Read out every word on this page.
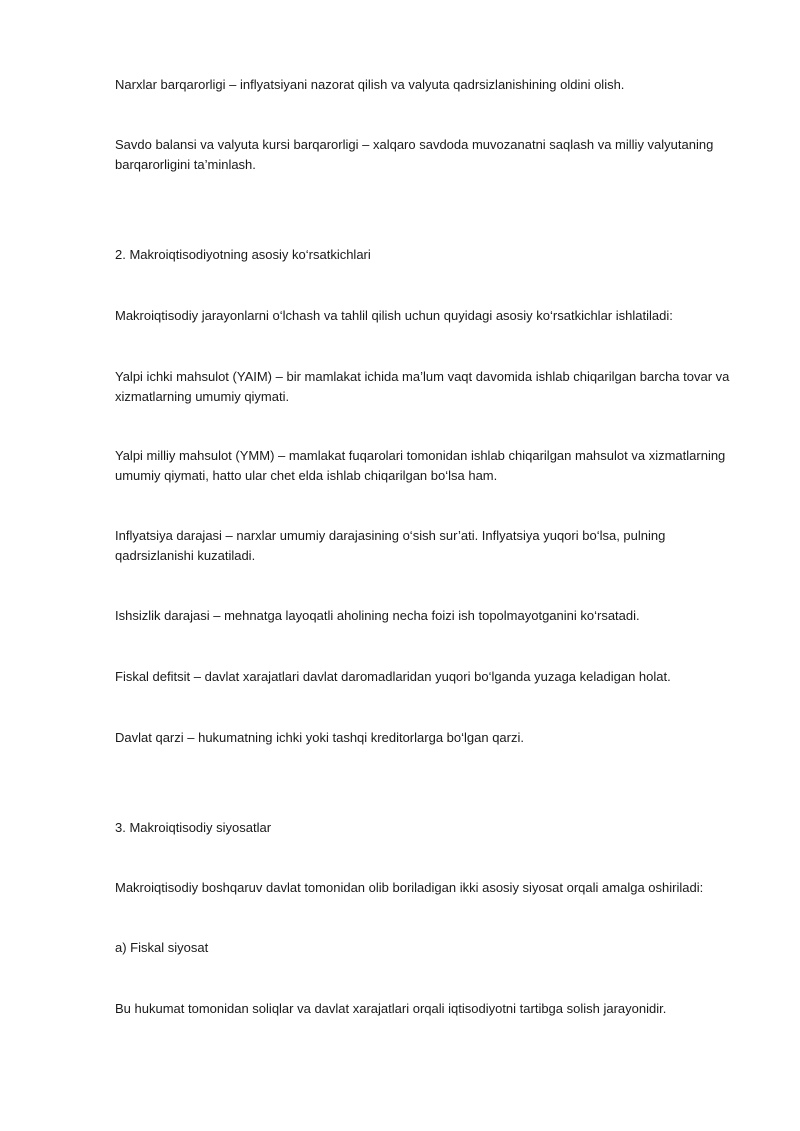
Narxlar barqarorligi – inflyatsiyani nazorat qilish va valyuta qadrsizlanishining oldini olish.

Savdo balansi va valyuta kursi barqarorligi – xalqaro savdoda muvozanatni saqlash va milliy valyutaning barqarorligini ta’minlash.

2. Makroiqtisodiyotning asosiy ko‘rsatkichlari

Makroiqtisodiy jarayonlarni o‘lchash va tahlil qilish uchun quyidagi asosiy ko‘rsatkichlar ishlatiladi:

Yalpi ichki mahsulot (YAIM) – bir mamlakat ichida ma’lum vaqt davomida ishlab chiqarilgan barcha tovar va xizmatlarning umumiy qiymati.

Yalpi milliy mahsulot (YMM) – mamlakat fuqarolari tomonidan ishlab chiqarilgan mahsulot va xizmatlarning umumiy qiymati, hatto ular chet elda ishlab chiqarilgan bo‘lsa ham.

Inflyatsiya darajasi – narxlar umumiy darajasining o‘sish sur’ati. Inflyatsiya yuqori bo‘lsa, pulning qadrsizlanishi kuzatiladi.

Ishsizlik darajasi – mehnatga layoqatli aholining necha foizi ish topolmayotganini ko‘rsatadi.

Fiskal defitsit – davlat xarajatlari davlat daromadlaridan yuqori bo‘lganda yuzaga keladigan holat.

Davlat qarzi – hukumatning ichki yoki tashqi kreditorlarga bo‘lgan qarzi.

3. Makroiqtisodiy siyosatlar

Makroiqtisodiy boshqaruv davlat tomonidan olib boriladigan ikki asosiy siyosat orqali amalga oshiriladi:

a) Fiskal siyosat

Bu hukumat tomonidan soliqlar va davlat xarajatlari orqali iqtisodiyotni tartibga solish jarayonidir.
